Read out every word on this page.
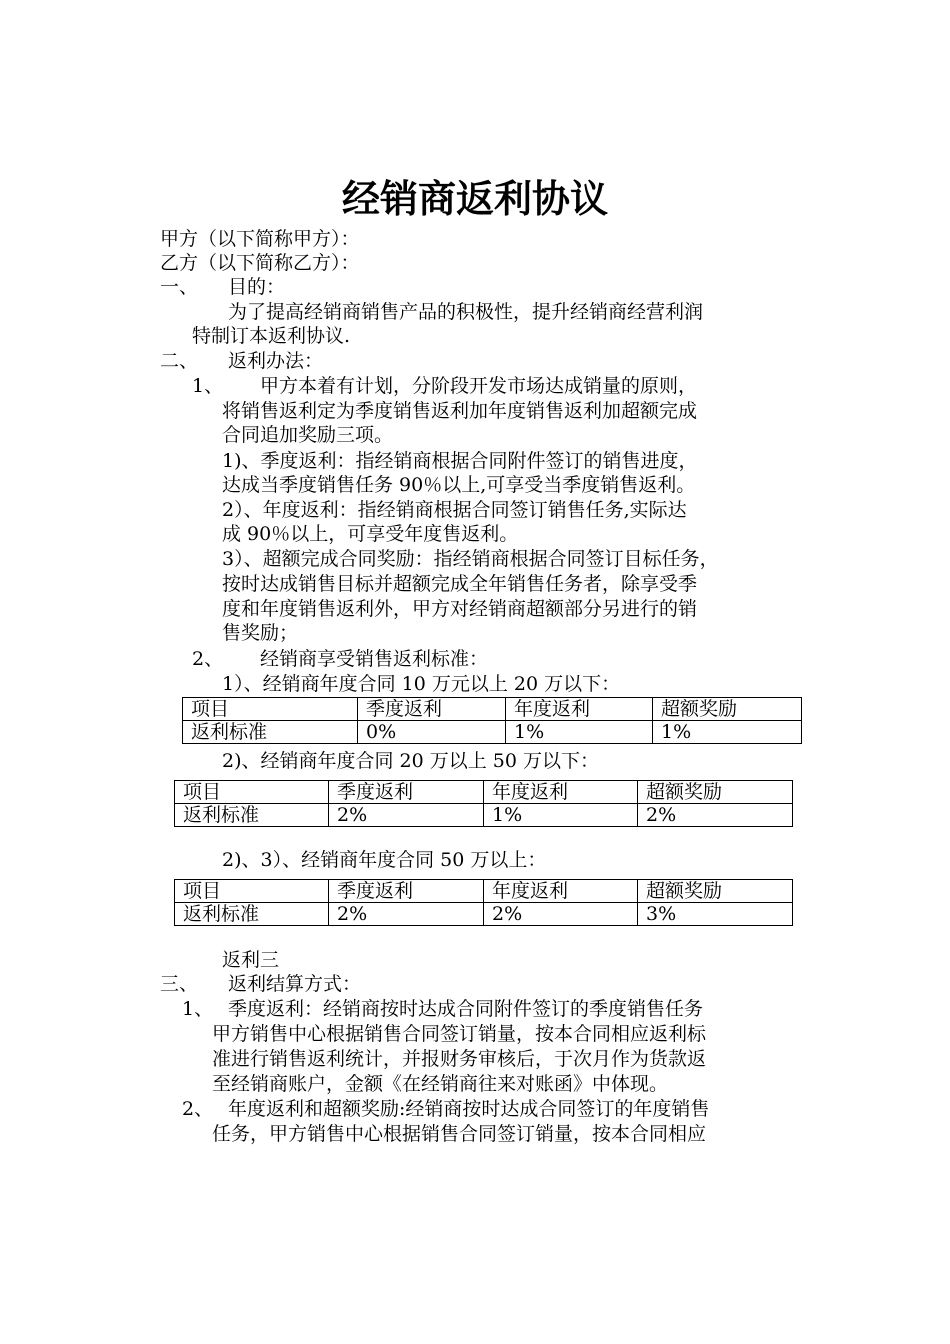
经销商返利协议
甲方（以下简称甲方）：
乙方（以下简称乙方）：
一、 目的：
为了提高经销商销售产品的积极性，提升经销商经营利润
特制订本返利协议.
二、 返利办法：
1、 甲方本着有计划，分阶段开发市场达成销量的原则，
将销售返利定为季度销售返利加年度销售返利加超额完成
合同追加奖励三项。
1)、季度返利：指经销商根据合同附件签订的销售进度，
达成当季度销售任务 90％以上,可享受当季度销售返利。
2）、年度返利：指经销商根据合同签订销售任务,实际达
成 90％以上，可享受年度售返利。
3）、超额完成合同奖励：指经销商根据合同签订目标任务，
按时达成销售目标并超额完成全年销售任务者，除享受季
度和年度销售返利外，甲方对经销商超额部分另进行的销
售奖励；
2、 经销商享受销售返利标准：
1）、经销商年度合同 10 万元以上 20 万以下：
项目	季度返利	年度返利	超额奖励
返利标准	0%	1%	1%
2)、经销商年度合同 20 万以上 50 万以下：
项目	季度返利	年度返利	超额奖励
返利标准	2%	1%	2%
2)、3）、经销商年度合同 50 万以上：
项目	季度返利	年度返利	超额奖励
返利标准	2%	2%	3%
返利三
三、 返利结算方式：
1、 季度返利：经销商按时达成合同附件签订的季度销售任务
甲方销售中心根据销售合同签订销量，按本合同相应返利标
准进行销售返利统计，并报财务审核后，于次月作为货款返
至经销商账户，金额《在经销商往来对账函》中体现。
2、 年度返利和超额奖励:经销商按时达成合同签订的年度销售
任务，甲方销售中心根据销售合同签订销量，按本合同相应
